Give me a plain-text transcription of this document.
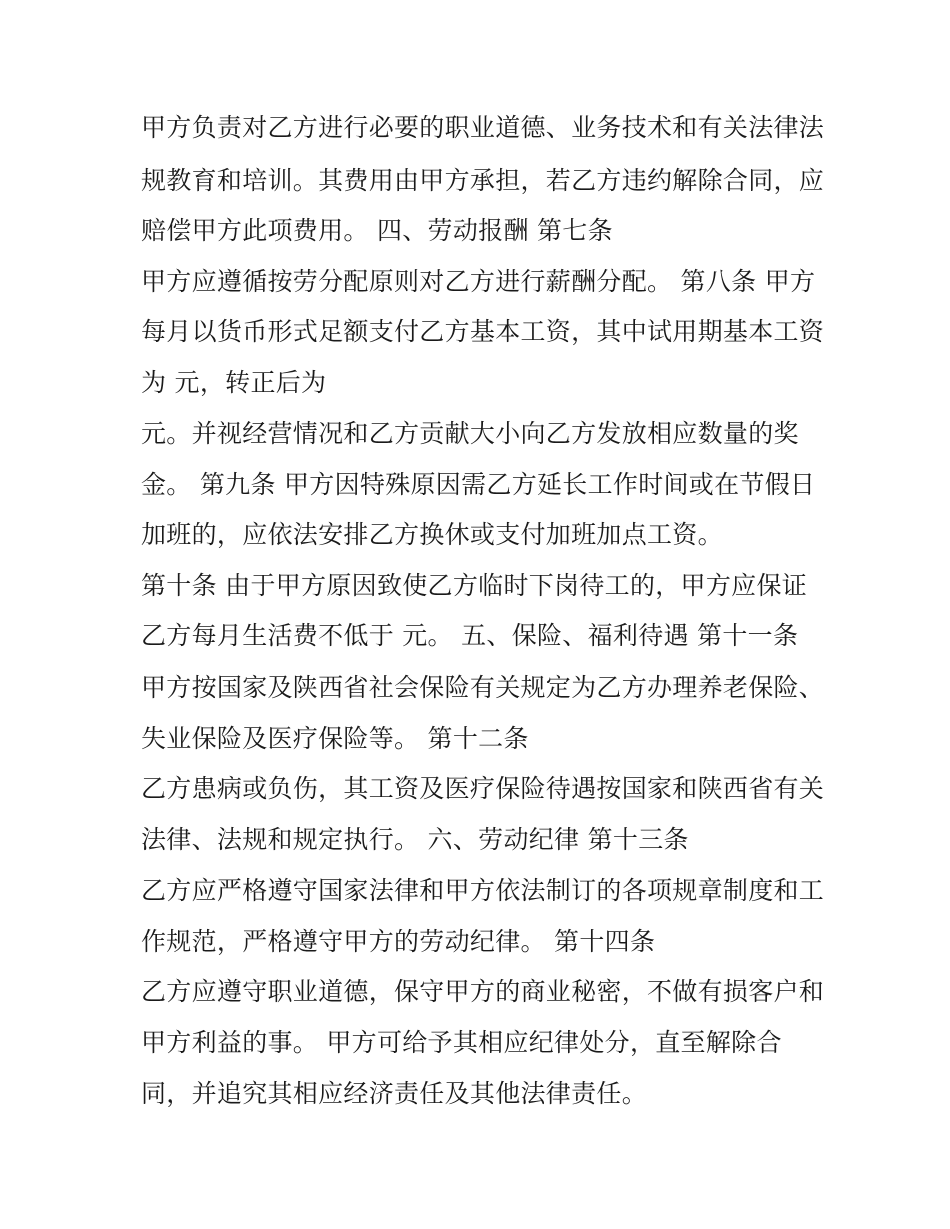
甲方负责对乙方进行必要的职业道德、业务技术和有关法律法
规教育和培训。其费用由甲方承担，若乙方违约解除合同，应
赔偿甲方此项费用。 四、劳动报酬 第七条
甲方应遵循按劳分配原则对乙方进行薪酬分配。 第八条 甲方
每月以货币形式足额支付乙方基本工资，其中试用期基本工资
为 元，转正后为
元。并视经营情况和乙方贡献大小向乙方发放相应数量的奖
金。 第九条 甲方因特殊原因需乙方延长工作时间或在节假日
加班的，应依法安排乙方换休或支付加班加点工资。
第十条 由于甲方原因致使乙方临时下岗待工的，甲方应保证
乙方每月生活费不低于 元。 五、保险、福利待遇 第十一条
甲方按国家及陕西省社会保险有关规定为乙方办理养老保险、
失业保险及医疗保险等。 第十二条
乙方患病或负伤，其工资及医疗保险待遇按国家和陕西省有关
法律、法规和规定执行。 六、劳动纪律 第十三条
乙方应严格遵守国家法律和甲方依法制订的各项规章制度和工
作规范，严格遵守甲方的劳动纪律。 第十四条
乙方应遵守职业道德，保守甲方的商业秘密，不做有损客户和
甲方利益的事。 甲方可给予其相应纪律处分，直至解除合
同，并追究其相应经济责任及其他法律责任。
